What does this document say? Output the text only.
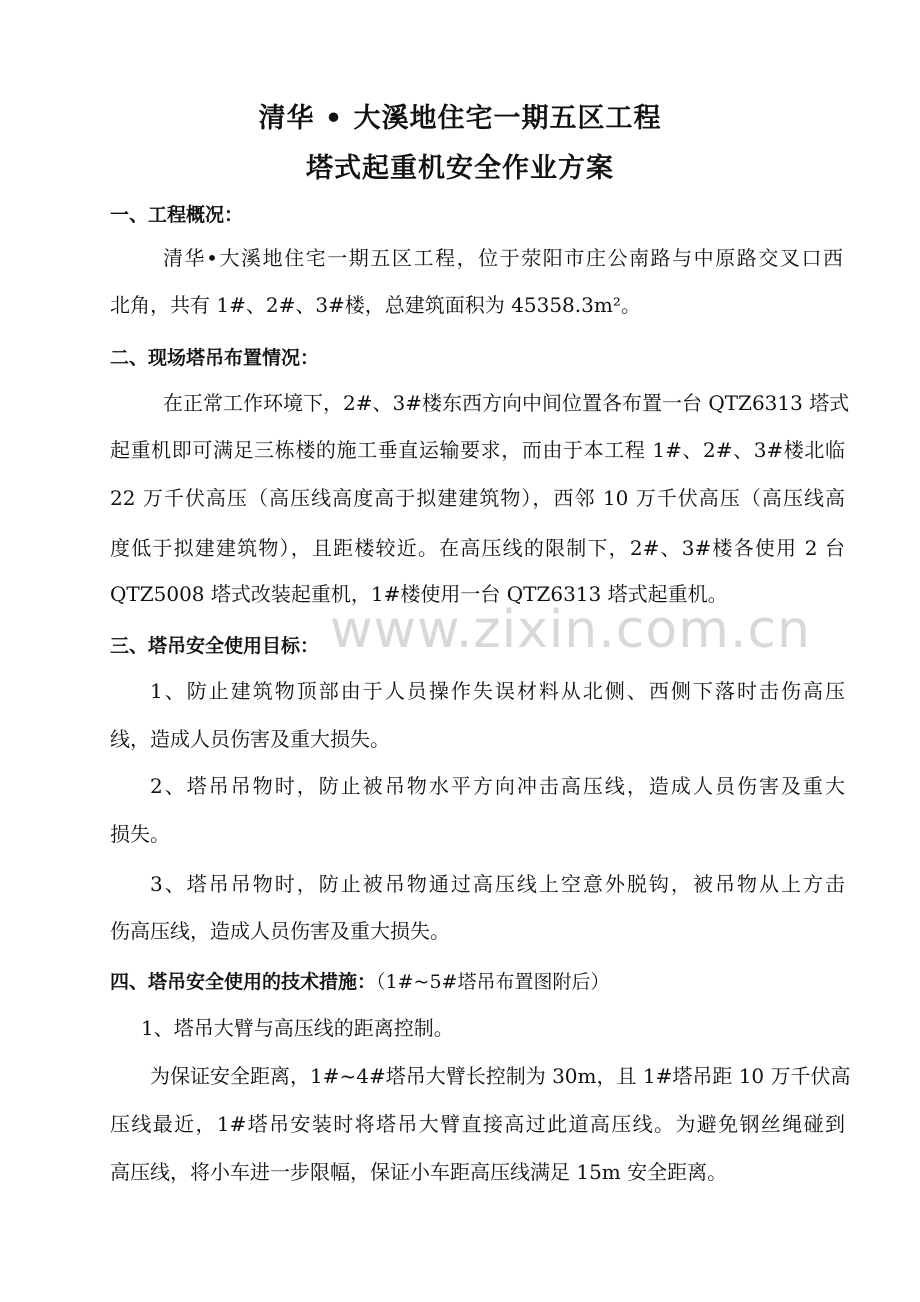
清华 • 大溪地住宅一期五区工程
塔式起重机安全作业方案
一、工程概况：
清华•大溪地住宅一期五区工程，位于荥阳市庄公南路与中原路交叉口西
北角，共有 1#、2#、3#楼，总建筑面积为 45358.3m²。
二、现场塔吊布置情况：
在正常工作环境下，2#、3#楼东西方向中间位置各布置一台 QTZ6313 塔式
起重机即可满足三栋楼的施工垂直运输要求，而由于本工程 1#、2#、3#楼北临
22 万千伏高压（高压线高度高于拟建建筑物），西邻 10 万千伏高压（高压线高
度低于拟建建筑物），且距楼较近。在高压线的限制下，2#、3#楼各使用 2 台
QTZ5008 塔式改装起重机，1#楼使用一台 QTZ6313 塔式起重机。
www.zixin.com.cn
三、塔吊安全使用目标：
1、防止建筑物顶部由于人员操作失误材料从北侧、西侧下落时击伤高压
线，造成人员伤害及重大损失。
2、塔吊吊物时，防止被吊物水平方向冲击高压线，造成人员伤害及重大
损失。
3、塔吊吊物时，防止被吊物通过高压线上空意外脱钩，被吊物从上方击
伤高压线，造成人员伤害及重大损失。
四、塔吊安全使用的技术措施：（1#~5#塔吊布置图附后）
1、塔吊大臂与高压线的距离控制。
为保证安全距离，1#~4#塔吊大臂长控制为 30m，且 1#塔吊距 10 万千伏高
压线最近，1#塔吊安装时将塔吊大臂直接高过此道高压线。为避免钢丝绳碰到
高压线，将小车进一步限幅，保证小车距高压线满足 15m 安全距离。
